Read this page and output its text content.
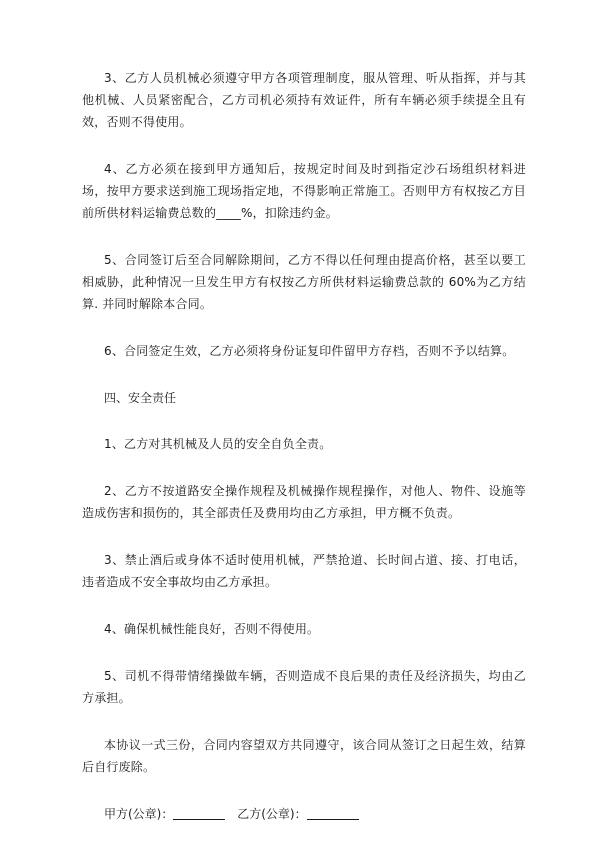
3、乙方人员机械必须遵守甲方各项管理制度，服从管理、听从指挥，并与其他机械、人员紧密配合，乙方司机必须持有效证件，所有车辆必须手续提全且有效，否则不得使用。

4、乙方必须在接到甲方通知后，按规定时间及时到指定沙石场组织材料进场，按甲方要求送到施工现场指定地，不得影响正常施工。否则甲方有权按乙方目前所供材料运输费总数的____%，扣除违约金。

5、合同签订后至合同解除期间，乙方不得以任何理由提高价格，甚至以要工相威胁，此种情况一旦发生甲方有权按乙方所供材料运输费总款的 60%为乙方结算. 并同时解除本合同。

6、合同签定生效，乙方必须将身份证复印件留甲方存档，否则不予以结算。

四、安全责任

1、乙方对其机械及人员的安全自负全责。

2、乙方不按道路安全操作规程及机械操作规程操作，对他人、物件、设施等造成伤害和损伤的，其全部责任及费用均由乙方承担，甲方概不负责。

3、禁止酒后或身体不适时使用机械，严禁抢道、长时间占道、接、打电话，违者造成不安全事故均由乙方承担。

4、确保机械性能良好，否则不得使用。

5、司机不得带情绪操做车辆，否则造成不良后果的责任及经济损失，均由乙方承担。

本协议一式三份，合同内容望双方共同遵守，该合同从签订之日起生效，结算后自行废除。

甲方(公章)：	乙方(公章)：
